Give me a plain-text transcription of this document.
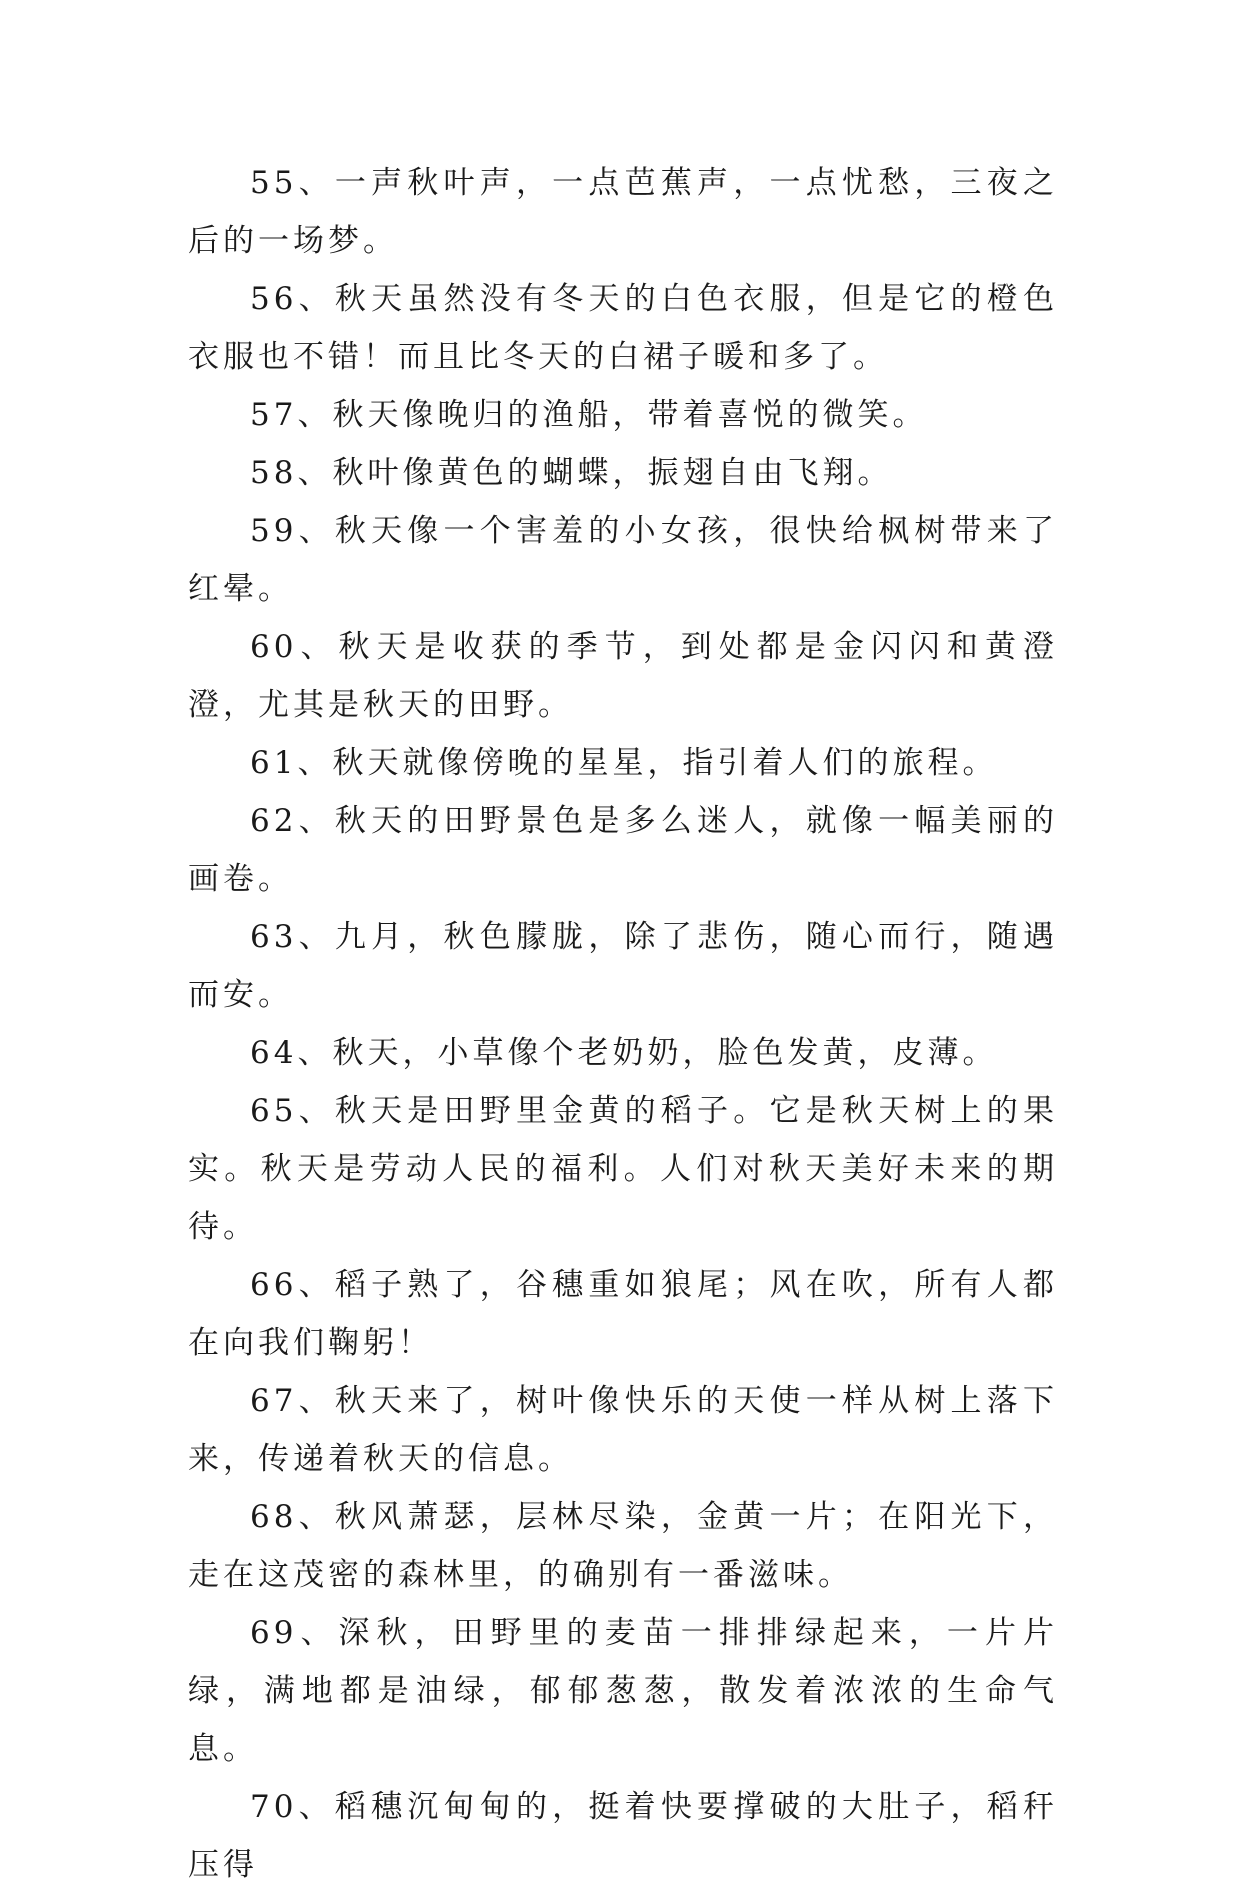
55、一声秋叶声，一点芭蕉声，一点忧愁，三夜之后的一场梦。

56、秋天虽然没有冬天的白色衣服，但是它的橙色衣服也不错！而且比冬天的白裙子暖和多了。

57、秋天像晚归的渔船，带着喜悦的微笑。

58、秋叶像黄色的蝴蝶，振翅自由飞翔。

59、秋天像一个害羞的小女孩，很快给枫树带来了红晕。

60、秋天是收获的季节，到处都是金闪闪和黄澄澄，尤其是秋天的田野。

61、秋天就像傍晚的星星，指引着人们的旅程。

62、秋天的田野景色是多么迷人，就像一幅美丽的画卷。

63、九月，秋色朦胧，除了悲伤，随心而行，随遇而安。

64、秋天，小草像个老奶奶，脸色发黄，皮薄。

65、秋天是田野里金黄的稻子。它是秋天树上的果实。秋天是劳动人民的福利。人们对秋天美好未来的期待。

66、稻子熟了，谷穗重如狼尾；风在吹，所有人都在向我们鞠躬！

67、秋天来了，树叶像快乐的天使一样从树上落下来，传递着秋天的信息。

68、秋风萧瑟，层林尽染，金黄一片；在阳光下，走在这茂密的森林里，的确别有一番滋味。

69、深秋，田野里的麦苗一排排绿起来，一片片绿，满地都是油绿，郁郁葱葱，散发着浓浓的生命气息。

70、稻穗沉甸甸的，挺着快要撑破的大肚子，稻秆压得
